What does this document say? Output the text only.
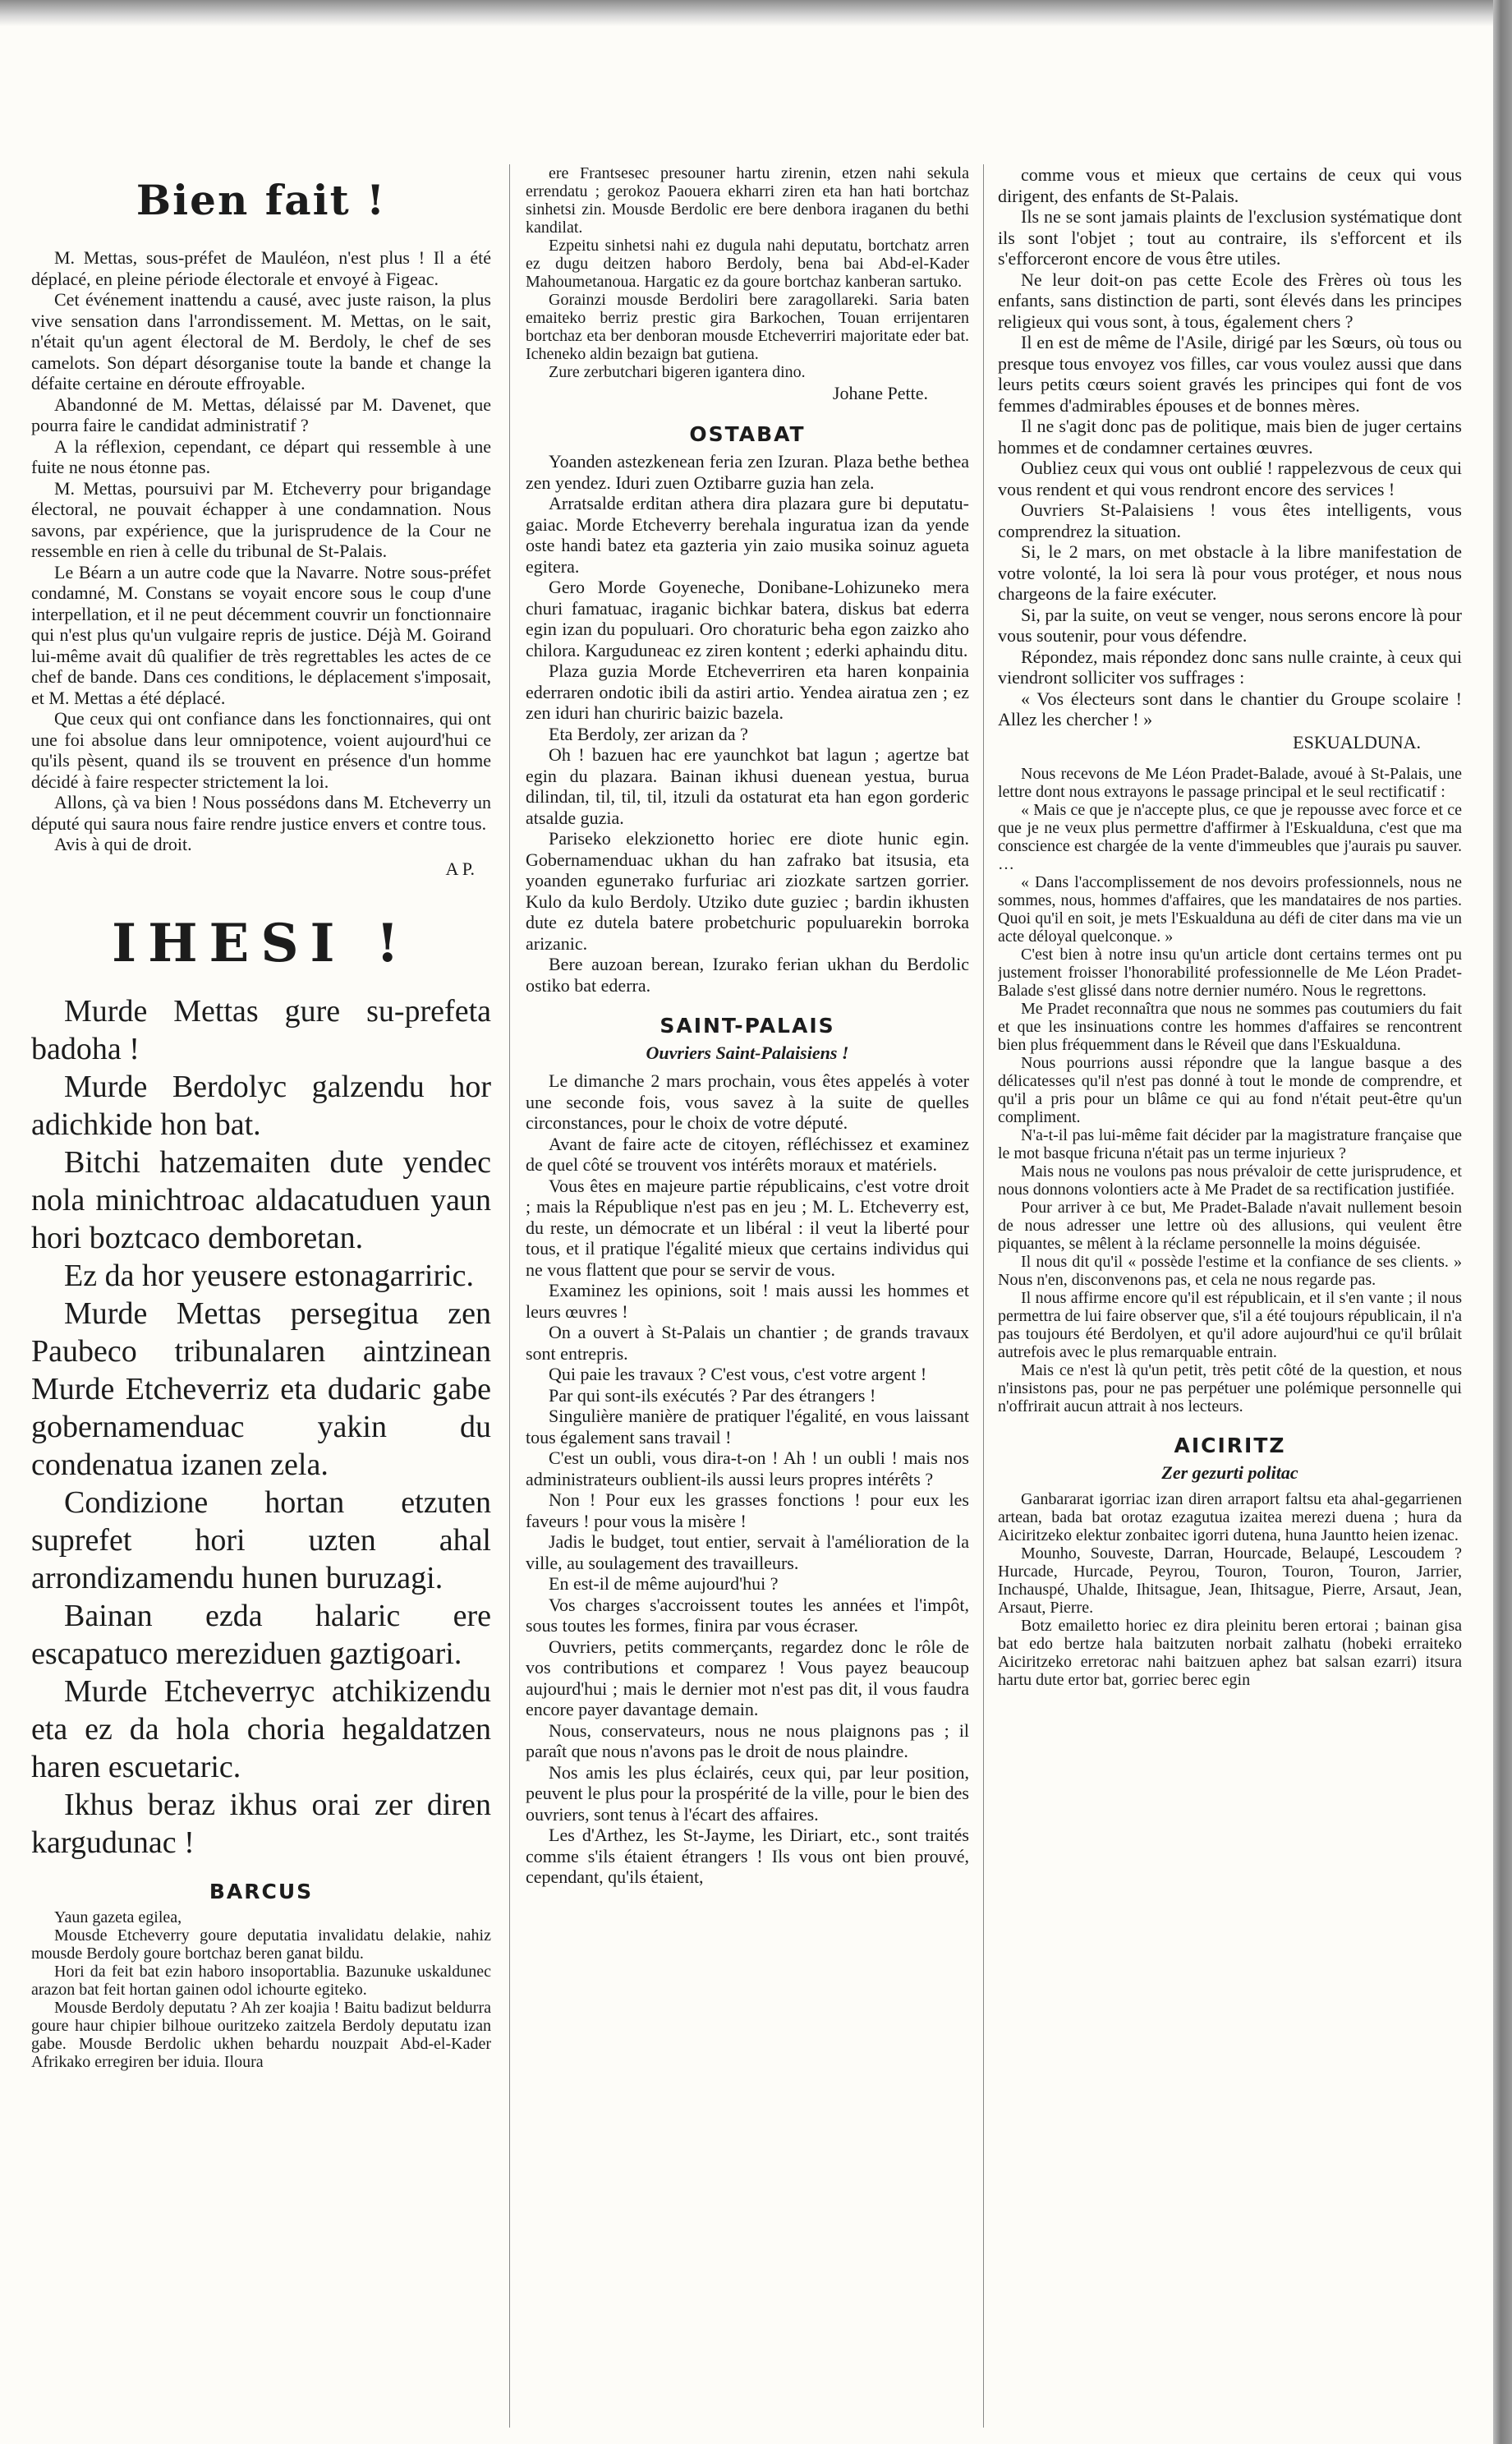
Bien fait !

M. Mettas, sous-préfet de Mauléon, n'est plus ! Il a été déplacé, en pleine période électorale et envoyé à Figeac.

Cet événement inattendu a causé, avec juste raison, la plus vive sensation dans l'arrondissement. M. Mettas, on le sait, n'était qu'un agent électoral de M. Berdoly, le chef de ses camelots. Son départ désorganise toute la bande et change la défaite certaine en déroute effroyable.

Abandonné de M. Mettas, délaissé par M. Davenet, que pourra faire le candidat administratif ?

A la réflexion, cependant, ce départ qui ressemble à une fuite ne nous étonne pas.

M. Mettas, poursuivi par M. Etcheverry pour brigandage électoral, ne pouvait échapper à une condamnation. Nous savons, par expérience, que la jurisprudence de la Cour ne ressemble en rien à celle du tribunal de St-Palais.

Le Béarn a un autre code que la Navarre. Notre sous-préfet condamné, M. Constans se voyait encore sous le coup d'une interpellation, et il ne peut décemment couvrir un fonctionnaire qui n'est plus qu'un vulgaire repris de justice. Déjà M. Goirand lui-même avait dû qualifier de très regrettables les actes de ce chef de bande. Dans ces conditions, le déplacement s'imposait, et M. Mettas a été déplacé.

Que ceux qui ont confiance dans les fonctionnaires, qui ont une foi absolue dans leur omnipotence, voient aujourd'hui ce qu'ils pèsent, quand ils se trouvent en présence d'un homme décidé à faire respecter strictement la loi.

Allons, çà va bien ! Nous possédons dans M. Etcheverry un député qui saura nous faire rendre justice envers et contre tous.

Avis à qui de droit.

A P.
IHESI !

Murde Mettas gure su-prefeta badoha !

Murde Berdolyc galzendu hor adichkide hon bat.

Bitchi hatzemaiten dute yendec nola minichtroac aldacatuduen yaun hori boztcaco demboretan.

Ez da hor yeusere estonagarriric.

Murde Mettas persegitua zen Paubeco tribunalaren aintzinean Murde Etcheverriz eta dudaric gabe gobernamenduac yakin du condenatua izanen zela.

Condizione hortan etzuten suprefet hori uzten ahal arrondizamendu hunen buruzagi.

Bainan ezda halaric ere escapatuco mereziduen gaztigoari.

Murde Etcheverryc atchikizendu eta ez da hola choria hegaldatzen haren escuetaric.

Ikhus beraz ikhus orai zer diren kargudunac !

BARCUS

Yaun gazeta egilea,

Mousde Etcheverry goure deputatia invalidatu delakie, nahiz mousde Berdoly goure bortchaz beren ganat bildu.

Hori da feit bat ezin haboro insoportablia. Bazunuke uskaldunec arazon bat feit hortan gainen odol ichourte egiteko.

Mousde Berdoly deputatu ? Ah zer koajia ! Baitu badizut beldurra goure haur chipier bilhoue ouritzeko zaitzela Berdoly deputatu izan gabe. Mousde Berdolic ukhen behardu nouzpait Abd-el-Kader Afrikako erregiren ber iduia. Iloura

ere Frantsesec presouner hartu zirenin, etzen nahi sekula errendatu ; gerokoz Paouera ekharri ziren eta han hati bortchaz sinhetsi zin. Mousde Berdolic ere bere denbora iraganen du bethi kandilat.

Ezpeitu sinhetsi nahi ez dugula nahi deputatu, bortchatz arren ez dugu deitzen haboro Berdoly, bena bai Abd-el-Kader Mahoumetanoua. Hargatic ez da goure bortchaz kanberan sartuko.

Gorainzi mousde Berdoliri bere zaragollareki. Saria baten emaiteko berriz prestic gira Barkochen, Touan errijentaren bortchaz eta ber denboran mousde Etcheverriri majoritate eder bat. Icheneko aldin bezaign bat gutiena.

Zure zerbutchari bigeren igantera dino.

Johane Pette.
OSTABAT

Yoanden astezkenean feria zen Izuran. Plaza bethe bethea zen yendez. Iduri zuen Oztibarre guzia han zela.

Arratsalde erditan athera dira plazara gure bi deputatu-gaiac. Morde Etcheverry berehala inguratua izan da yende oste handi batez eta gazteria yin zaio musika soinuz agueta egitera.

Gero Morde Goyeneche, Donibane-Lohizuneko mera churi famatuac, iraganic bichkar batera, diskus bat ederra egin izan du populuari. Oro choraturic beha egon zaizko aho chilora. Karguduneac ez ziren kontent ; ederki aphaindu ditu.

Plaza guzia Morde Etcheverriren eta haren konpainia ederraren ondotic ibili da astiri artio. Yendea airatua zen ; ez zen iduri han churiric baizic bazela.

Eta Berdoly, zer arizan da ?

Oh ! bazuen hac ere yaunchkot bat lagun ; agertze bat egin du plazara. Bainan ikhusi duenean yestua, burua dilindan, til, til, til, itzuli da ostaturat eta han egon gorderic atsalde guzia.

Pariseko elekzionetto horiec ere diote hunic egin. Gobernamenduac ukhan du han zafrako bat itsusia, eta yoanden eguneтako furfuriac ari ziozkate sartzen gorrier. Kulo da kulo Berdoly. Utziko dute guziec ; bardin ikhusten dute ez dutela batere probetchuric populuarekin borroka arizanic.

Bere auzoan berean, Izurako ferian ukhan du Berdolic ostiko bat ederra.

SAINT-PALAIS
Ouvriers Saint-Palaisiens !

Le dimanche 2 mars prochain, vous êtes appelés à voter une seconde fois, vous savez à la suite de quelles circonstances, pour le choix de votre député.

Avant de faire acte de citoyen, réfléchissez et examinez de quel côté se trouvent vos intérêts moraux et matériels.

Vous êtes en majeure partie républicains, c'est votre droit ; mais la République n'est pas en jeu ; M. L. Etcheverry est, du reste, un démocrate et un libéral : il veut la liberté pour tous, et il pratique l'égalité mieux que certains individus qui ne vous flattent que pour se servir de vous.

Examinez les opinions, soit ! mais aussi les hommes et leurs œuvres !

On a ouvert à St-Palais un chantier ; de grands travaux sont entrepris.

Qui paie les travaux ? C'est vous, c'est votre argent !

Par qui sont-ils exécutés ? Par des étrangers !

Singulière manière de pratiquer l'égalité, en vous laissant tous également sans travail !

C'est un oubli, vous dira-t-on ! Ah ! un oubli ! mais nos administrateurs oublient-ils aussi leurs propres intérêts ?

Non ! Pour eux les grasses fonctions ! pour eux les faveurs ! pour vous la misère !

Jadis le budget, tout entier, servait à l'amélioration de la ville, au soulagement des travailleurs.

En est-il de même aujourd'hui ?

Vos charges s'accroissent toutes les années et l'impôt, sous toutes les formes, finira par vous écraser.

Ouvriers, petits commerçants, regardez donc le rôle de vos contributions et comparez ! Vous payez beaucoup aujourd'hui ; mais le dernier mot n'est pas dit, il vous faudra encore payer davantage demain.

Nous, conservateurs, nous ne nous plaignons pas ; il paraît que nous n'avons pas le droit de nous plaindre.

Nos amis les plus éclairés, ceux qui, par leur position, peuvent le plus pour la prospérité de la ville, pour le bien des ouvriers, sont tenus à l'écart des affaires.

Les d'Arthez, les St-Jayme, les Diriart, etc., sont traités comme s'ils étaient étrangers ! Ils vous ont bien prouvé, cependant, qu'ils étaient,

comme vous et mieux que certains de ceux qui vous dirigent, des enfants de St-Palais.

Ils ne se sont jamais plaints de l'exclusion systématique dont ils sont l'objet ; tout au contraire, ils s'efforcent et ils s'efforceront encore de vous être utiles.

Ne leur doit-on pas cette Ecole des Frères où tous les enfants, sans distinction de parti, sont élevés dans les principes religieux qui vous sont, à tous, également chers ?

Il en est de même de l'Asile, dirigé par les Sœurs, où tous ou presque tous envoyez vos filles, car vous voulez aussi que dans leurs petits cœurs soient gravés les principes qui font de vos femmes d'admirables épouses et de bonnes mères.

Il ne s'agit donc pas de politique, mais bien de juger certains hommes et de condamner certaines œuvres.

Oubliez ceux qui vous ont oublié ! rappelezvous de ceux qui vous rendent et qui vous rendront encore des services !

Ouvriers St-Palaisiens ! vous êtes intelligents, vous comprendrez la situation.

Si, le 2 mars, on met obstacle à la libre manifestation de votre volonté, la loi sera là pour vous protéger, et nous nous chargeons de la faire exécuter.

Si, par la suite, on veut se venger, nous serons encore là pour vous soutenir, pour vous défendre.

Répondez, mais répondez donc sans nulle crainte, à ceux qui viendront solliciter vos suffrages :

« Vos électeurs sont dans le chantier du Groupe scolaire ! Allez les chercher ! »

ESKUALDUNA.

Nous recevons de Me Léon Pradet-Balade, avoué à St-Palais, une lettre dont nous extrayons le passage principal et le seul rectificatif :

« Mais ce que je n'accepte plus, ce que je repousse avec force et ce que je ne veux plus permettre d'affirmer à l'Eskualduna, c'est que ma conscience est chargée de la vente d'immeubles que j'aurais pu sauver. …

« Dans l'accomplissement de nos devoirs professionnels, nous ne sommes, nous, hommes d'affaires, que les mandataires de nos parties. Quoi qu'il en soit, je mets l'Eskualduna au défi de citer dans ma vie un acte déloyal quelconque. »

C'est bien à notre insu qu'un article dont certains termes ont pu justement froisser l'honorabilité professionnelle de Me Léon Pradet-Balade s'est glissé dans notre dernier numéro. Nous le regrettons.

Me Pradet reconnaîtra que nous ne sommes pas coutumiers du fait et que les insinuations contre les hommes d'affaires se rencontrent bien plus fréquemment dans le Réveil que dans l'Eskualduna.

Nous pourrions aussi répondre que la langue basque a des délicatesses qu'il n'est pas donné à tout le monde de comprendre, et qu'il a pris pour un blâme ce qui au fond n'était peut-être qu'un compliment.

N'a-t-il pas lui-même fait décider par la magistrature française que le mot basque fricuna n'était pas un terme injurieux ?

Mais nous ne voulons pas nous prévaloir de cette jurisprudence, et nous donnons volontiers acte à Me Pradet de sa rectification justifiée.

Pour arriver à ce but, Me Pradet-Balade n'avait nullement besoin de nous adresser une lettre où des allusions, qui veulent être piquantes, se mêlent à la réclame personnelle la moins déguisée.

Il nous dit qu'il « possède l'estime et la confiance de ses clients. » Nous n'en, disconvenons pas, et cela ne nous regarde pas.

Il nous affirme encore qu'il est républicain, et il s'en vante ; il nous permettra de lui faire observer que, s'il a été toujours républicain, il n'a pas toujours été Berdolyen, et qu'il adore aujourd'hui ce qu'il brûlait autrefois avec le plus remarquable entrain.

Mais ce n'est là qu'un petit, très petit côté de la question, et nous n'insistons pas, pour ne pas perpétuer une polémique personnelle qui n'offrirait aucun attrait à nos lecteurs.

AICIRITZ
Zer gezurti politac

Ganbararat igorriac izan diren arraport faltsu eta ahal-gegarrienen artean, bada bat orotaz ezagutua izaitea merezi duena ; hura da Aiciritzeko elektur zonbaitec igorri dutena, huna Jauntto heien izenac.

Mounho, Souveste, Darran, Hourcade, Belaupé, Lescoudem ? Hurcade, Hurcade, Peyrou, Touron, Touron, Touron, Jarrier, Inchauspé, Uhalde, Ihitsague, Jean, Ihitsague, Pierre, Arsaut, Jean, Arsaut, Pierre.

Botz emailetto horiec ez dira pleinitu beren ertorai ; bainan gisa bat edo bertze hala baitzuten norbait zalhatu (hobeki erraiteko Aiciritzeko erretorac nahi baitzuen aphez bat salsan ezarri) itsura hartu dute ertor bat, gorriec berec egin
